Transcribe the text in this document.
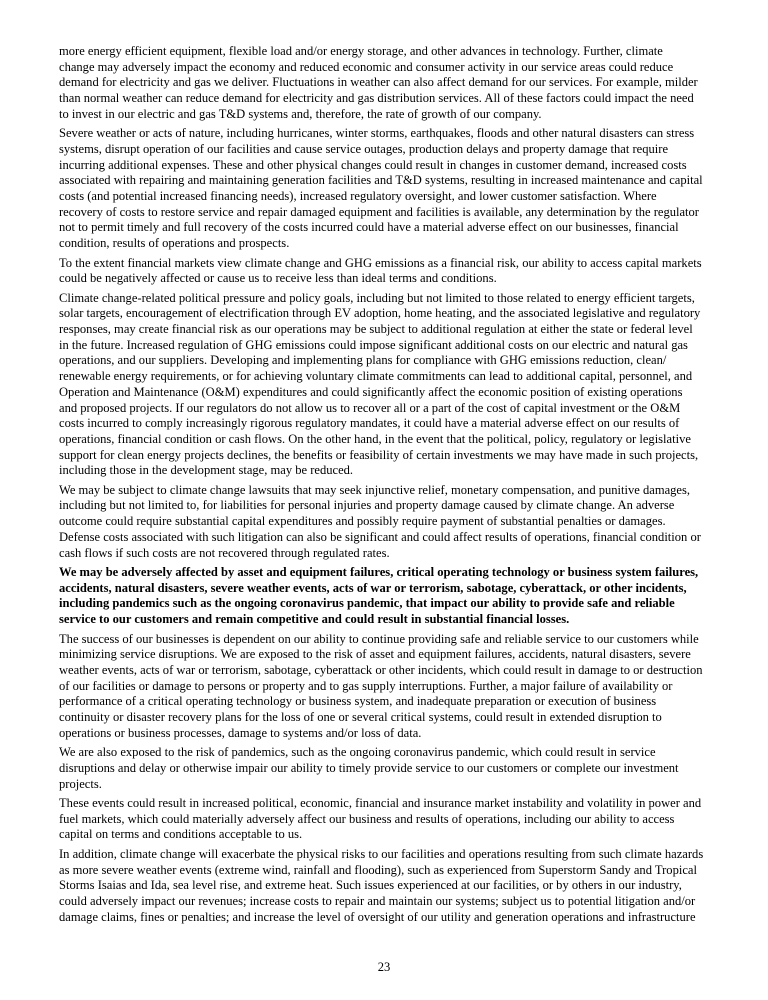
more energy efficient equipment, flexible load and/or energy storage, and other advances in technology. Further, climate
change may adversely impact the economy and reduced economic and consumer activity in our service areas could reduce
demand for electricity and gas we deliver. Fluctuations in weather can also affect demand for our services. For example, milder
than normal weather can reduce demand for electricity and gas distribution services. All of these factors could impact the need
to invest in our electric and gas T&D systems and, therefore, the rate of growth of our company.
Severe weather or acts of nature, including hurricanes, winter storms, earthquakes, floods and other natural disasters can stress
systems, disrupt operation of our facilities and cause service outages, production delays and property damage that require
incurring additional expenses. These and other physical changes could result in changes in customer demand, increased costs
associated with repairing and maintaining generation facilities and T&D systems, resulting in increased maintenance and capital
costs (and potential increased financing needs), increased regulatory oversight, and lower customer satisfaction. Where
recovery of costs to restore service and repair damaged equipment and facilities is available, any determination by the regulator
not to permit timely and full recovery of the costs incurred could have a material adverse effect on our businesses, financial
condition, results of operations and prospects.
To the extent financial markets view climate change and GHG emissions as a financial risk, our ability to access capital markets
could be negatively affected or cause us to receive less than ideal terms and conditions.
Climate change-related political pressure and policy goals, including but not limited to those related to energy efficient targets,
solar targets, encouragement of electrification through EV adoption, home heating, and the associated legislative and regulatory
responses, may create financial risk as our operations may be subject to additional regulation at either the state or federal level
in the future. Increased regulation of GHG emissions could impose significant additional costs on our electric and natural gas
operations, and our suppliers. Developing and implementing plans for compliance with GHG emissions reduction, clean/
renewable energy requirements, or for achieving voluntary climate commitments can lead to additional capital, personnel, and
Operation and Maintenance (O&M) expenditures and could significantly affect the economic position of existing operations
and proposed projects. If our regulators do not allow us to recover all or a part of the cost of capital investment or the O&M
costs incurred to comply increasingly rigorous regulatory mandates, it could have a material adverse effect on our results of
operations, financial condition or cash flows. On the other hand, in the event that the political, policy, regulatory or legislative
support for clean energy projects declines, the benefits or feasibility of certain investments we may have made in such projects,
including those in the development stage, may be reduced.
We may be subject to climate change lawsuits that may seek injunctive relief, monetary compensation, and punitive damages,
including but not limited to, for liabilities for personal injuries and property damage caused by climate change. An adverse
outcome could require substantial capital expenditures and possibly require payment of substantial penalties or damages.
Defense costs associated with such litigation can also be significant and could affect results of operations, financial condition or
cash flows if such costs are not recovered through regulated rates.
We may be adversely affected by asset and equipment failures, critical operating technology or business system failures,
accidents, natural disasters, severe weather events, acts of war or terrorism, sabotage, cyberattack, or other incidents,
including pandemics such as the ongoing coronavirus pandemic, that impact our ability to provide safe and reliable
service to our customers and remain competitive and could result in substantial financial losses.
The success of our businesses is dependent on our ability to continue providing safe and reliable service to our customers while
minimizing service disruptions. We are exposed to the risk of asset and equipment failures, accidents, natural disasters, severe
weather events, acts of war or terrorism, sabotage, cyberattack or other incidents, which could result in damage to or destruction
of our facilities or damage to persons or property and to gas supply interruptions. Further, a major failure of availability or
performance of a critical operating technology or business system, and inadequate preparation or execution of business
continuity or disaster recovery plans for the loss of one or several critical systems, could result in extended disruption to
operations or business processes, damage to systems and/or loss of data.
We are also exposed to the risk of pandemics, such as the ongoing coronavirus pandemic, which could result in service
disruptions and delay or otherwise impair our ability to timely provide service to our customers or complete our investment
projects.
These events could result in increased political, economic, financial and insurance market instability and volatility in power and
fuel markets, which could materially adversely affect our business and results of operations, including our ability to access
capital on terms and conditions acceptable to us.
In addition, climate change will exacerbate the physical risks to our facilities and operations resulting from such climate hazards
as more severe weather events (extreme wind, rainfall and flooding), such as experienced from Superstorm Sandy and Tropical
Storms Isaias and Ida, sea level rise, and extreme heat. Such issues experienced at our facilities, or by others in our industry,
could adversely impact our revenues; increase costs to repair and maintain our systems; subject us to potential litigation and/or
damage claims, fines or penalties; and increase the level of oversight of our utility and generation operations and infrastructure
23
